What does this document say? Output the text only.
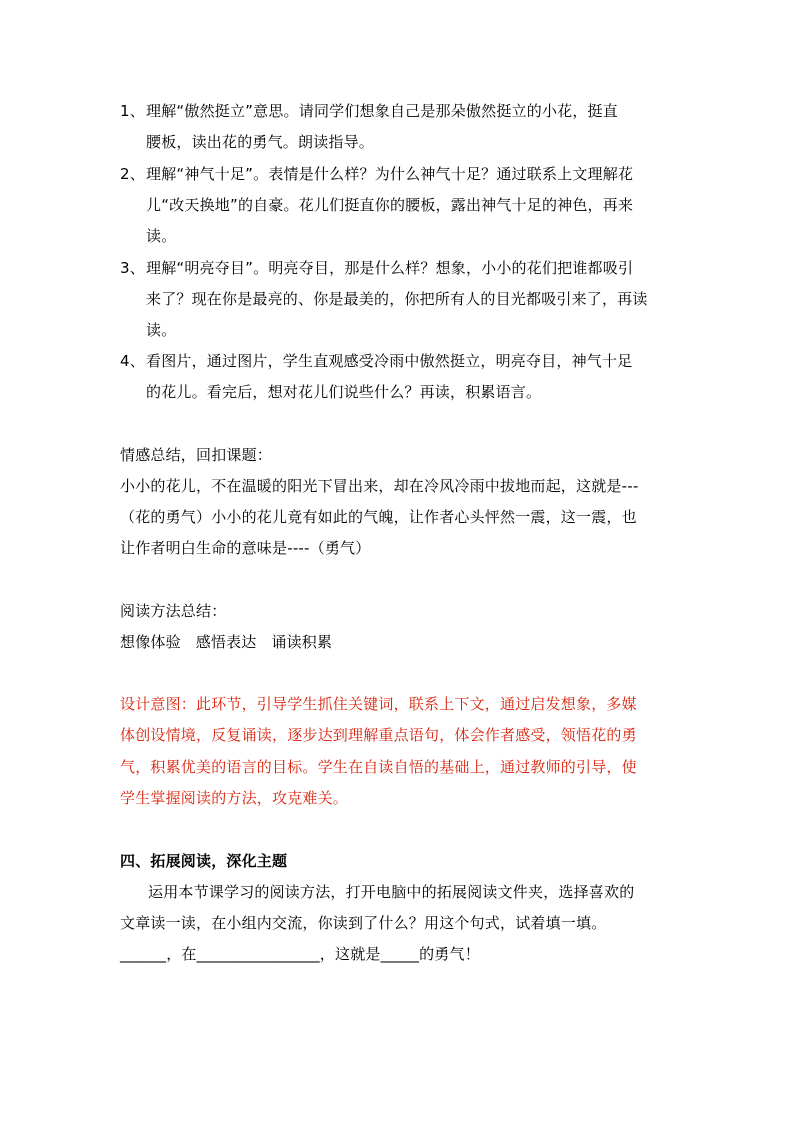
1、理解“傲然挺立”意思。请同学们想象自己是那朵傲然挺立的小花，挺直
腰板，读出花的勇气。朗读指导。
2、理解“神气十足”。表情是什么样？为什么神气十足？通过联系上文理解花
儿“改天换地”的自豪。花儿们挺直你的腰板，露出神气十足的神色，再来
读。
3、理解“明亮夺目”。明亮夺目，那是什么样？想象，小小的花们把谁都吸引
来了？现在你是最亮的、你是最美的，你把所有人的目光都吸引来了，再读
读。
4、看图片，通过图片，学生直观感受冷雨中傲然挺立，明亮夺目，神气十足
的花儿。看完后，想对花儿们说些什么？再读，积累语言。
情感总结，回扣课题：
小小的花儿，不在温暖的阳光下冒出来，却在冷风冷雨中拔地而起，这就是---
（花的勇气）小小的花儿竟有如此的气魄，让作者心头怦然一震，这一震，也
让作者明白生命的意味是----（勇气）
阅读方法总结：
想像体验   感悟表达   诵读积累
设计意图：此环节，引导学生抓住关键词，联系上下文，通过启发想象，多媒
体创设情境，反复诵读，逐步达到理解重点语句，体会作者感受，领悟花的勇
气，积累优美的语言的目标。学生在自读自悟的基础上，通过教师的引导，使
学生掌握阅读的方法，攻克难关。
四、拓展阅读，深化主题
运用本节课学习的阅读方法，打开电脑中的拓展阅读文件夹，选择喜欢的
文章读一读，在小组内交流，你读到了什么？用这个句式，试着填一填。
______，在________________，这就是_____的勇气！
